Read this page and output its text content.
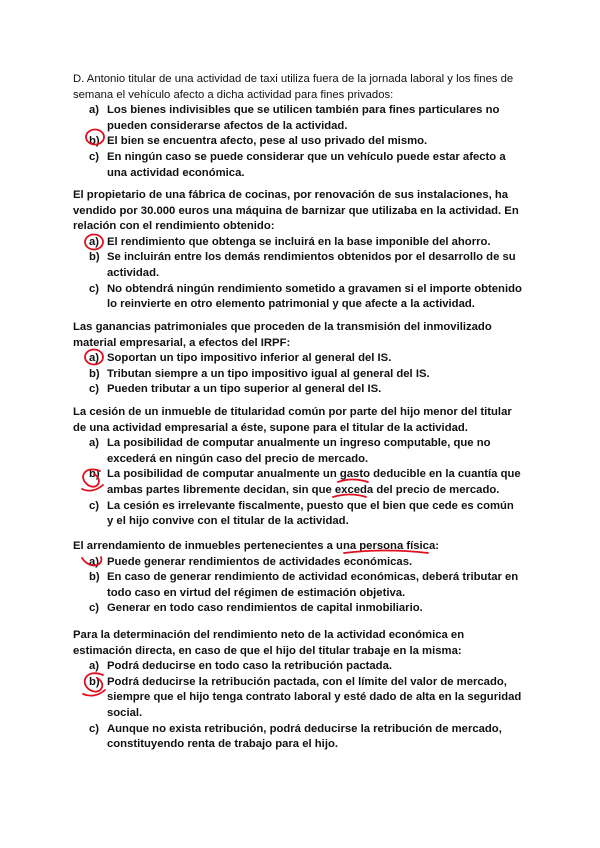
D. Antonio titular de una actividad de taxi utiliza fuera de la jornada laboral y los fines de semana el vehículo afecto a dicha actividad para fines privados:

a) Los bienes indivisibles que se utilicen también para fines particulares no pueden considerarse afectos de la actividad.
b) El bien se encuentra afecto, pese al uso privado del mismo.
c) En ningún caso se puede considerar que un vehículo puede estar afecto a una actividad económica.

El propietario de una fábrica de cocinas, por renovación de sus instalaciones, ha vendido por 30.000 euros una máquina de barnizar que utilizaba en la actividad. En relación con el rendimiento obtenido:

a) El rendimiento que obtenga se incluirá en la base imponible del ahorro.
b) Se incluirán entre los demás rendimientos obtenidos por el desarrollo de su actividad.
c) No obtendrá ningún rendimiento sometido a gravamen si el importe obtenido lo reinvierte en otro elemento patrimonial y que afecte a la actividad.

Las ganancias patrimoniales que proceden de la transmisión del inmovilizado material empresarial, a efectos del IRPF:

a) Soportan un tipo impositivo inferior al general del IS.
b) Tributan siempre a un tipo impositivo igual al general del IS.
c) Pueden tributar a un tipo superior al general del IS.

La cesión de un inmueble de titularidad común por parte del hijo menor del titular de una actividad empresarial a éste, supone para el titular de la actividad.

a) La posibilidad de computar anualmente un ingreso computable, que no excederá en ningún caso del precio de mercado.
b) La posibilidad de computar anualmente un gasto deducible en la cuantía que ambas partes libremente decidan, sin que exceda del precio de mercado.
c) La cesión es irrelevante fiscalmente, puesto que el bien que cede es común y el hijo convive con el titular de la actividad.

El arrendamiento de inmuebles pertenecientes a una persona física:

a) Puede generar rendimientos de actividades económicas.
b) En caso de generar rendimiento de actividad económicas, deberá tributar en todo caso en virtud del régimen de estimación objetiva.
c) Generar en todo caso rendimientos de capital inmobiliario.

Para la determinación del rendimiento neto de la actividad económica en estimación directa, en caso de que el hijo del titular trabaje en la misma:

a) Podrá deducirse en todo caso la retribución pactada.
b) Podrá deducirse la retribución pactada, con el límite del valor de mercado, siempre que el hijo tenga contrato laboral y esté dado de alta en la seguridad social.
c) Aunque no exista retribución, podrá deducirse la retribución de mercado, constituyendo renta de trabajo para el hijo.
